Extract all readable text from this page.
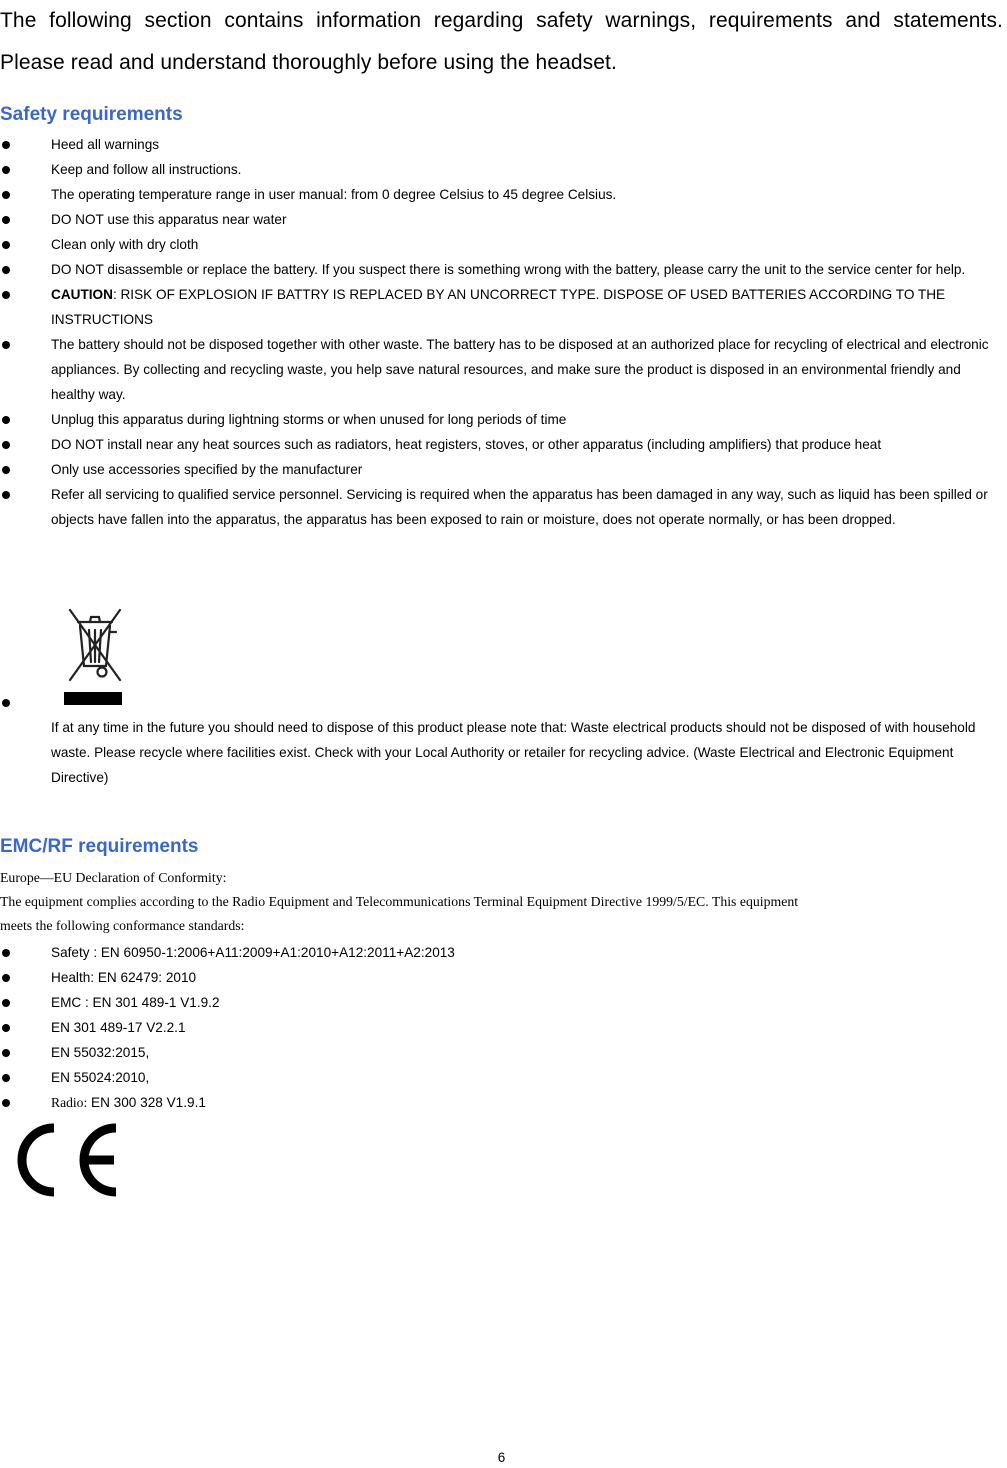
The following section contains information regarding safety warnings, requirements and statements. Please read and understand thoroughly before using the headset.

Safety requirements
Heed all warnings
Keep and follow all instructions.
The operating temperature range in user manual: from 0 degree Celsius to 45 degree Celsius.
DO NOT use this apparatus near water
Clean only with dry cloth
DO NOT disassemble or replace the battery. If you suspect there is something wrong with the battery, please carry the unit to the service center for help.
CAUTION: RISK OF EXPLOSION IF BATTRY IS REPLACED BY AN UNCORRECT TYPE. DISPOSE OF USED BATTERIES ACCORDING TO THE INSTRUCTIONS
The battery should not be disposed together with other waste. The battery has to be disposed at an authorized place for recycling of electrical and electronic appliances. By collecting and recycling waste, you help save natural resources, and make sure the product is disposed in an environmental friendly and healthy way.
Unplug this apparatus during lightning storms or when unused for long periods of time
DO NOT install near any heat sources such as radiators, heat registers, stoves, or other apparatus (including amplifiers) that produce heat
Only use accessories specified by the manufacturer
Refer all servicing to qualified service personnel. Servicing is required when the apparatus has been damaged in any way, such as liquid has been spilled or objects have fallen into the apparatus, the apparatus has been exposed to rain or moisture, does not operate normally, or has been dropped.

If at any time in the future you should need to dispose of this product please note that: Waste electrical products should not be disposed of with household waste. Please recycle where facilities exist. Check with your Local Authority or retailer for recycling advice. (Waste Electrical and Electronic Equipment Directive)

EMC/RF requirements

Europe—EU Declaration of Conformity:

The equipment complies according to the Radio Equipment and Telecommunications Terminal Equipment Directive 1999/5/EC. This equipment

meets the following conformance standards:

Safety : EN 60950-1:2006+A11:2009+A1:2010+A12:2011+A2:2013
Health: EN 62479: 2010
EMC : EN 301 489-1 V1.9.2
EN 301 489-17 V2.2.1
EN 55032:2015,
EN 55024:2010,
Radio: EN 300 328 V1.9.1
6
